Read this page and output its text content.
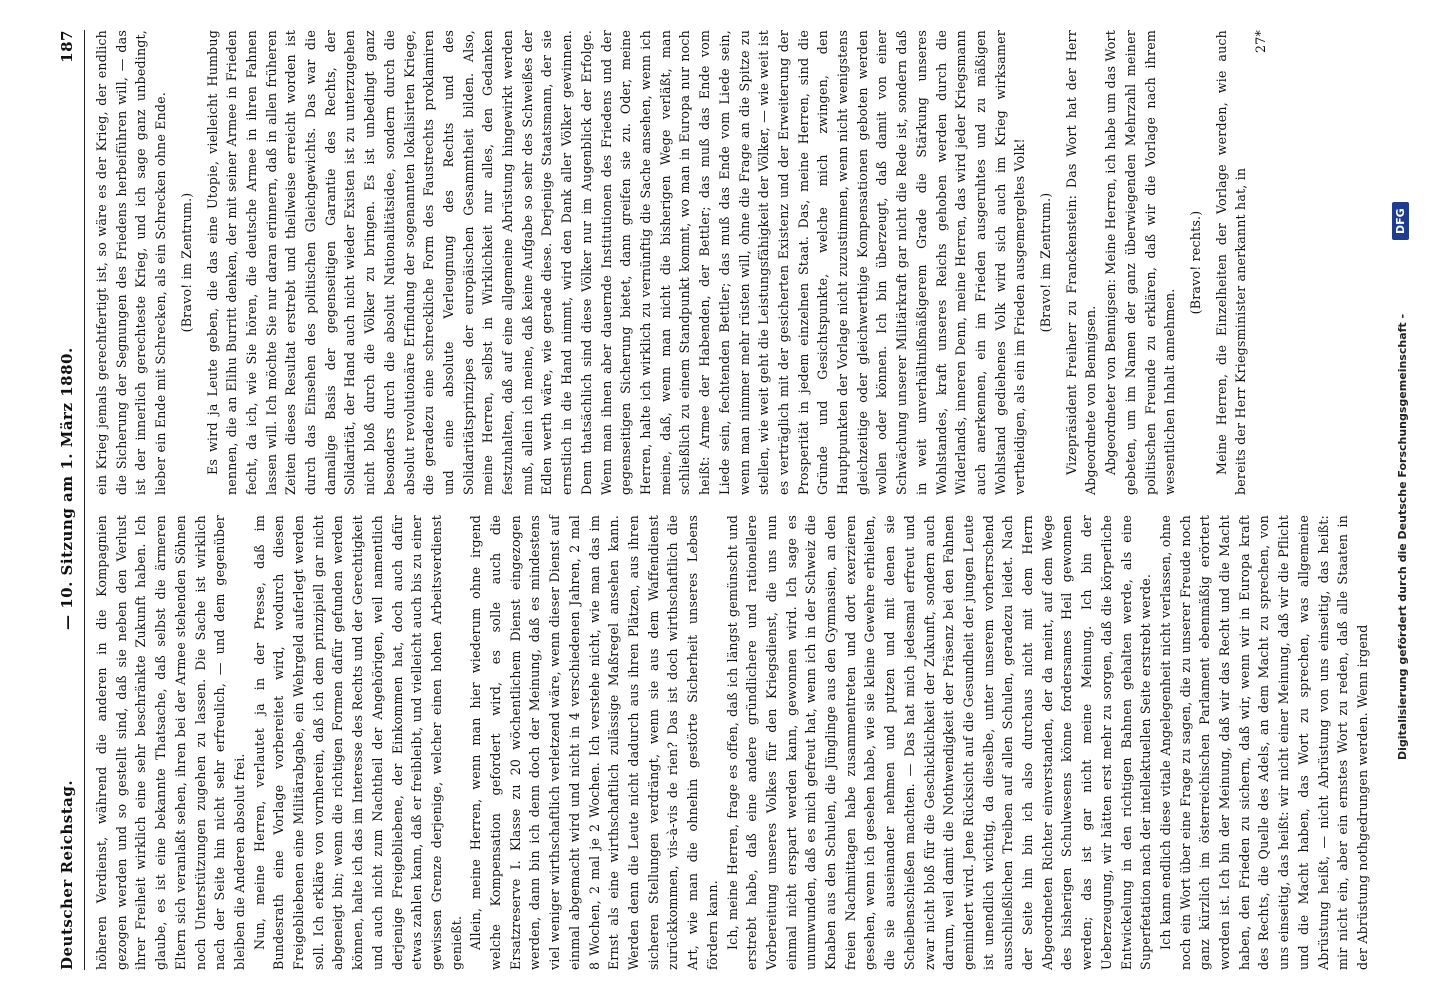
Deutscher Reichstag.
— 10. Sitzung am 1. März 1880.
187

höheren Verdienst, während die anderen in die Kompagnien gezogen werden und so gestellt sind, daß sie neben den Verlust ihrer Freiheit wirklich eine sehr beschränkte Zukunft haben. Ich glaube, es ist eine bekannte Thatsache, daß selbst die ärmeren Eltern sich veranlaßt sehen, ihren bei der Armee stehenden Söhnen noch Unterstützungen zugehen zu lassen. Die Sache ist wirklich nach der Seite hin nicht sehr erfreulich, — und dem gegenüber bleiben die Anderen absolut frei. Nun, meine Herren, verlautet ja in der Presse, daß im Bundesrath eine Vorlage vorbereitet wird, wodurch diesen Freigebliebenen eine Militärabgabe, ein Wehrgeld auferlegt werden soll. Ich erkläre von vornherein, daß ich dem prinzipiell gar nicht abgeneigt bin; wenn die richtigen Formen dafür gefunden werden können, halte ich das im Interesse des Rechts und der Gerechtigkeit und auch nicht zum Nachtheil der Angehörigen, weil namentlich derjenige Freigebliebene, der Einkommen hat, doch auch dafür etwas zahlen kann, daß er freibleibt, und vielleicht auch bis zu einer gewissen Grenze derjenige, welcher einen hohen Arbeitsverdienst genießt. Allein, meine Herren, wenn man hier wiederum ohne irgend welche Kompensation gefordert wird, es solle auch die Ersatzreserve I. Klasse zu 20 wöchentlichem Dienst eingezogen werden, dann bin ich denn doch der Meinung, daß es mindestens viel weniger wirthschaftlich verletzend wäre, wenn dieser Dienst auf einmal abgemacht wird und nicht in 4 verschiedenen Jahren, 2 mal 8 Wochen, 2 mal je 2 Wochen. Ich verstehe nicht, wie man das im Ernst als eine wirthschaftlich zulässige Maßregel ansehen kann. Werden denn die Leute nicht dadurch aus ihren Plätzen, aus ihren sicheren Stellungen verdrängt, wenn sie aus dem Waffendienst zurückkommen, vis-à-vis de rien? Das ist doch wirthschaftlich die Art, wie man die ohnehin gestörte Sicherheit unseres Lebens fördern kann. Ich, meine Herren, frage es offen, daß ich längst gemünscht und erstrebt habe, daß eine andere gründlichere und rationellere Vorbereitung unseres Volkes für den Kriegsdienst, die uns nun einmal nicht erspart werden kann, gewonnen wird. Ich sage es unumwunden, daß es mich gefreut hat, wenn ich in der Schweiz die Knaben aus den Schulen, die Jünglinge aus den Gymnasien, an den freien Nachmittagen habe zusammentreten und dort exerzieren gesehen, wenn ich gesehen habe, wie sie kleine Gewehre erhielten, die sie auseinander nehmen und putzen und mit denen sie Scheibenschießen machten. — Das hat mich jedesmal erfreut und zwar nicht bloß für die Geschicklichkeit der Zukunft, sondern auch darum, weil damit die Nothwendigkeit der Präsenz bei den Fahnen gemindert wird. Jene Rücksicht auf die Gesundheit der jungen Leute ist unendlich wichtig, da dieselbe, unter unserem vorherrschend ausschließlichen Treiben auf allen Schulen, geradezu leidet. Nach der Seite hin bin ich also durchaus nicht mit dem Herrn Abgeordneten Richter einverstanden, der da meint, auf dem Wege des bisherigen Schulwesens könne fordersames Heil gewonnen werden; das ist gar nicht meine Meinung. Ich bin der Ueberzeugung, wir hätten erst mehr zu sorgen, daß die körperliche Entwickelung in den richtigen Bahnen gehalten werde, als eine Superfetation nach der intellektuellen Seite erstrebt werde. Ich kann endlich diese vitale Angelegenheit nicht verlassen, ohne noch ein Wort über eine Frage zu sagen, die zu unserer Freude noch ganz kürzlich im österreichischen Parlament ebenmäßig erörtert worden ist. Ich bin der Meinung, daß wir das Recht und die Macht haben, den Frieden zu sichern, daß wir, wenn wir in Europa kraft des Rechts, die Quelle des Adels, an dem Macht zu sprechen, von uns einseitig, das heißt: wir nicht einer Meinung, daß wir die Pflicht und die Macht haben, das Wort zu sprechen, was allgemeine Abrüstung heißt, — nicht Abrüstung von uns einseitig, das heißt: mir nicht ein, aber ein ernstes Wort zu reden, daß alle Staaten in der Abrüstung nothgedrungen werden. Wenn irgend

ein Krieg jemals gerechtfertigt ist, so wäre es der Krieg, der endlich die Sicherung der Segnungen des Friedens herbeiführen will, — das ist der innerlich gerechteste Krieg, und ich sage ganz unbedingt, lieber ein Ende mit Schrecken, als ein Schrecken ohne Ende. (Bravo! im Zentrum.) Es wird ja Leute geben, die das eine Utopie, vielleicht Humbug nennen, die an Elihu Burritt denken, der mit seiner Armee in Frieden fecht, da ich, wie Sie hören, die deutsche Armee in ihren Fahnen lassen will. Ich möchte Sie nur daran erinnern, daß in allen früheren Zeiten dieses Resultat erstrebt und theilweise erreicht worden ist durch das Einsehen des politischen Gleichgewichts. Das war die damalige Basis der gegenseitigen Garantie des Rechts, der Solidarität, der Hand auch nicht wieder Existen ist zu unterzugehen nicht bloß durch die Völker zu bringen. Es ist unbedingt ganz besonders durch die absolut Nationalitätsidee, sondern durch die absolut revolutionäre Erfindung der sogenannten lokalisirten Kriege, die geradezu eine schreckliche Form des Faustrechts proklamiren und eine absolute Verleugnung des Rechts und des Solidaritätsprinzipes der europäischen Gesammtheit bilden. Also, meine Herren, selbst in Wirklichkeit nur alles, den Gedanken festzuhalten, daß auf eine allgemeine Abrüstung hingewirkt werden muß, allein ich meine, daß keine Aufgabe so sehr des Schweißes der Edlen werth wäre, wie gerade diese. Derjenige Staatsmann, der sie ernstlich in die Hand nimmt, wird den Dank aller Völker gewinnen. Denn thatsächlich sind diese Völker nur im Augenblick der Erfolge. Wenn man ihnen aber dauernde Institutionen des Friedens und der gegenseitigen Sicherung bietet, dann greifen sie zu. Oder, meine Herren, halte ich wirklich zu vernünftig die Sache ansehen, wenn ich meine, daß, wenn man nicht die bisherigen Wege verläßt, man schließlich zu einem Standpunkt kommt, wo man in Europa nur noch heißt: Armee der Habenden, der Bettler; das muß das Ende vom Liede sein, fechtenden Bettler; das muß das Ende vom Liede sein, wenn man nimmer mehr rüsten will, ohne die Frage an die Spitze zu stellen, wie weit geht die Leistungsfähigkeit der Völker, — wie weit ist es verträglich mit der gesicherten Existenz und der Erweiterung der Prosperität in jedem einzelnen Staat. Das, meine Herren, sind die Gründe und Gesichtspunkte, welche mich zwingen, den Hauptpunkten der Vorlage nicht zuzustimmen, wenn nicht wenigstens gleichzeitige oder gleichwerthige Kompensationen geboten werden wollen oder können. Ich bin überzeugt, daß damit von einer Schwächung unserer Militärkraft gar nicht die Rede ist, sondern daß in weit unverhältnißmäßigerem Grade die Stärkung unseres Wohlstandes, kraft unseres Reichs gehoben werden durch die Widerlands, inneren Denn, meine Herren, das wird jeder Kriegsmann auch anerkennen, ein im Frieden ausgeruhtes und zu mäßigen Wohlstand gediehenes Volk wird sich auch im Krieg wirksamer vertheidigen, als ein im Frieden ausgemergeltes Volk! (Bravo! im Zentrum.) Vizepräsident Freiherr zu Franckenstein: Das Wort hat der Herr Abgeordnete von Bennigsen. Abgeordneter von Bennigsen: Meine Herren, ich habe um das Wort gebeten, um im Namen der ganz überwiegenden Mehrzahl meiner politischen Freunde zu erklären, daß wir die Vorlage nach ihrem wesentlichen Inhalt annehmen.

(Bravo! rechts.) Meine Herren, die Einzelheiten der Vorlage werden, wie auch bereits der Herr Kriegsminister anerkannt hat, in

27*

Digitalisierung gefördert durch die Deutsche Forschungsgemeinschaft -
DFG
